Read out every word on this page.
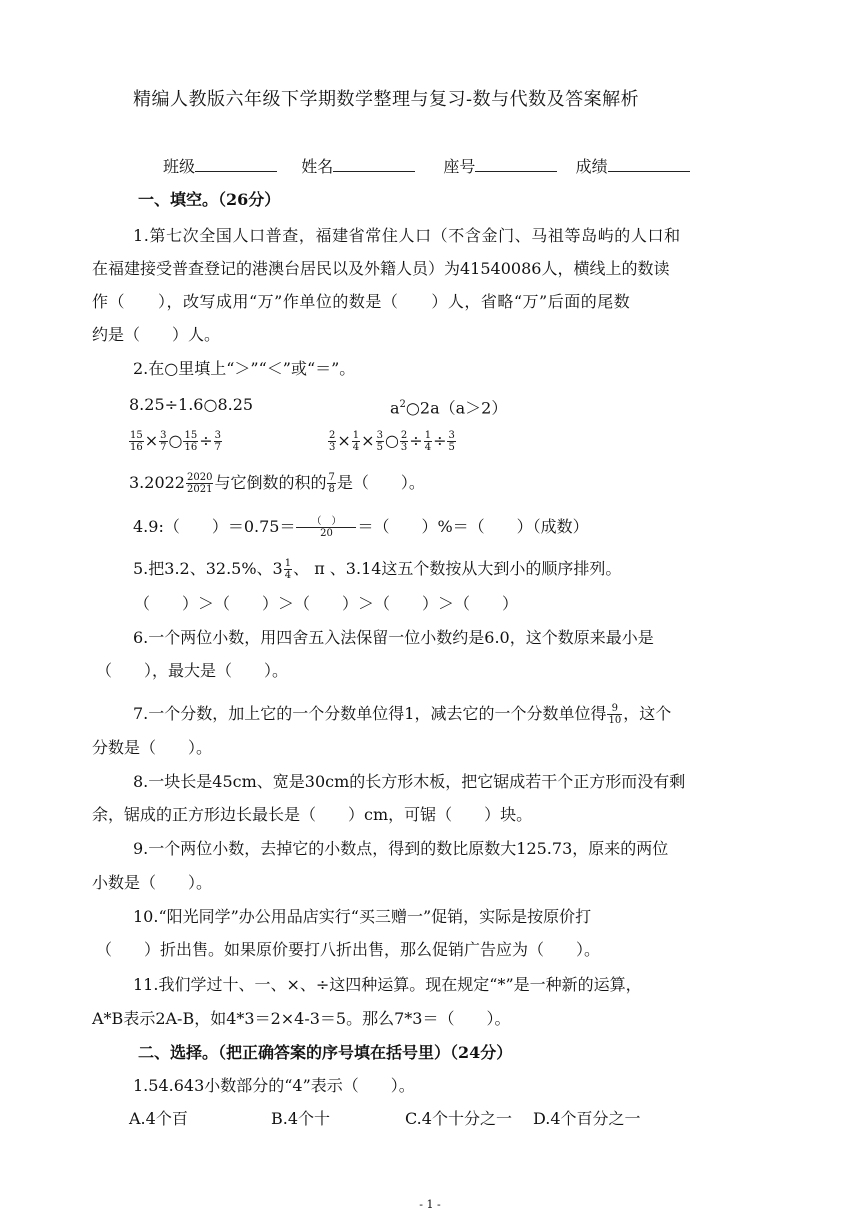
精编人教版六年级下学期数学整理与复习-数与代数及答案解析
班级	姓名	座号	成绩
一、填空。（26分）
1.第七次全国人口普查，福建省常住人口（不含金门、马祖等岛屿的人口和
在福建接受普查登记的港澳台居民以及外籍人员）为41540086人，横线上的数读
作（　　），改写成用“万”作单位的数是（　　）人，省略“万”后面的尾数
约是（　　）人。
2.在○里填上“＞”“＜”或“＝”。
8.25÷1.6○8.25	$a^2○2a(a>2)$
$\frac{15}{16} \times \frac{3}{7}$ ○ $\frac{15}{16} \div \frac{3}{7}$	$\frac{2}{3} \times \frac{1}{4} \times \frac{3}{5}$ ○ $\frac{2}{3} \div \frac{1}{4} \div \frac{3}{5}$
$3.2022 \frac{2020}{2021}$ 与它倒数的积的 $\frac{7}{8}$ 是（　　）。
4.9:（　　）$=0.75= \frac{( )}{20}$ ＝（　　）%＝（　　）（成数）
5.把3.2、32.5%、$3 \frac{1}{4}$ 、 π 、3.14这五个数按从大到小的顺序排列。
（　　）＞（　　）＞（　　）＞（　　）＞（　　）
6.一个两位小数，用四舍五入法保留一位小数约是6.0，这个数原来最小是
（　　），最大是（　　）。
7.一个分数，加上它的一个分数单位得1，减去它的一个分数单位得 $\frac{9}{10}$ ，这个
分数是（　　）。
8.一块长是45cm、宽是30cm的长方形木板，把它锯成若干个正方形而没有剩
余，锯成的正方形边长最长是（　　）cm，可锯（　　）块。
9.一个两位小数，去掉它的小数点，得到的数比原数大125.73，原来的两位
小数是（　　）。
10.“阳光同学”办公用品店实行“买三赠一”促销，实际是按原价打
（　　）折出售。如果原价要打八折出售，那么促销广告应为（　　）。
11.我们学过十、一、×、÷这四种运算。现在规定“*”是一种新的运算，
A*B表示2A-B，如4*3＝2×4-3＝5。那么7*3＝（　　）。
二、选择。（把正确答案的序号填在括号里）（24分）
1.54.643小数部分的“4”表示（　　）。
A.4个百	B.4个十	C.4个十分之一 D.4个百分之一
- 1 -
